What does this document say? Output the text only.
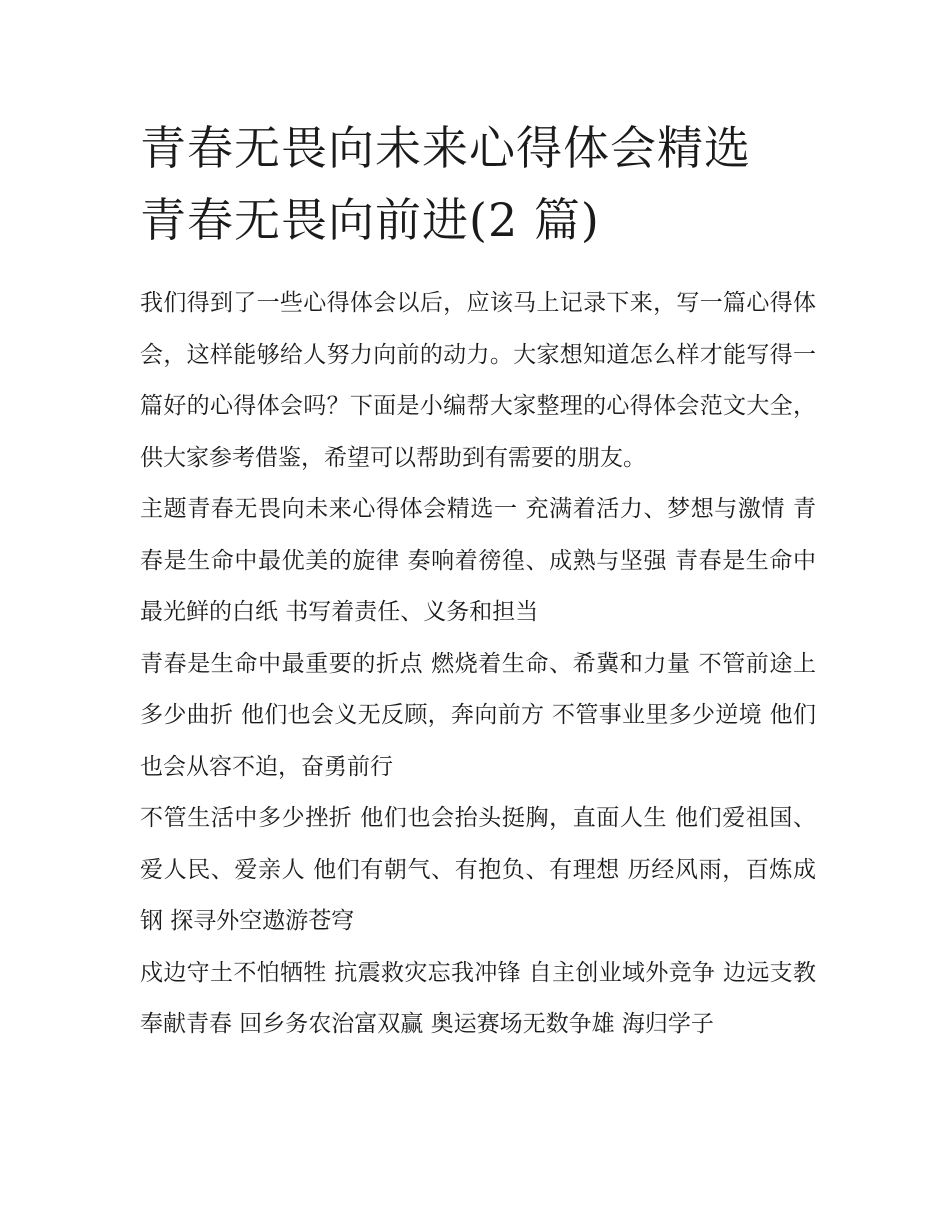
青春无畏向未来心得体会精选
青春无畏向前进(2 篇)

我们得到了一些心得体会以后，应该马上记录下来，写一篇心得体会，这样能够给人努力向前的动力。大家想知道怎么样才能写得一篇好的心得体会吗？下面是小编帮大家整理的心得体会范文大全，供大家参考借鉴，希望可以帮助到有需要的朋友。

主题青春无畏向未来心得体会精选一 充满着活力、梦想与激情 青春是生命中最优美的旋律 奏响着徬徨、成熟与坚强 青春是生命中最光鲜的白纸 书写着责任、义务和担当

青春是生命中最重要的折点 燃烧着生命、希冀和力量 不管前途上多少曲折 他们也会义无反顾，奔向前方 不管事业里多少逆境 他们也会从容不迫，奋勇前行

不管生活中多少挫折 他们也会抬头挺胸，直面人生 他们爱祖国、爱人民、爱亲人 他们有朝气、有抱负、有理想 历经风雨，百炼成钢 探寻外空遨游苍穹

戍边守土不怕牺牲 抗震救灾忘我冲锋 自主创业域外竞争 边远支教奉献青春 回乡务农治富双赢 奥运赛场无数争雄 海归学子
